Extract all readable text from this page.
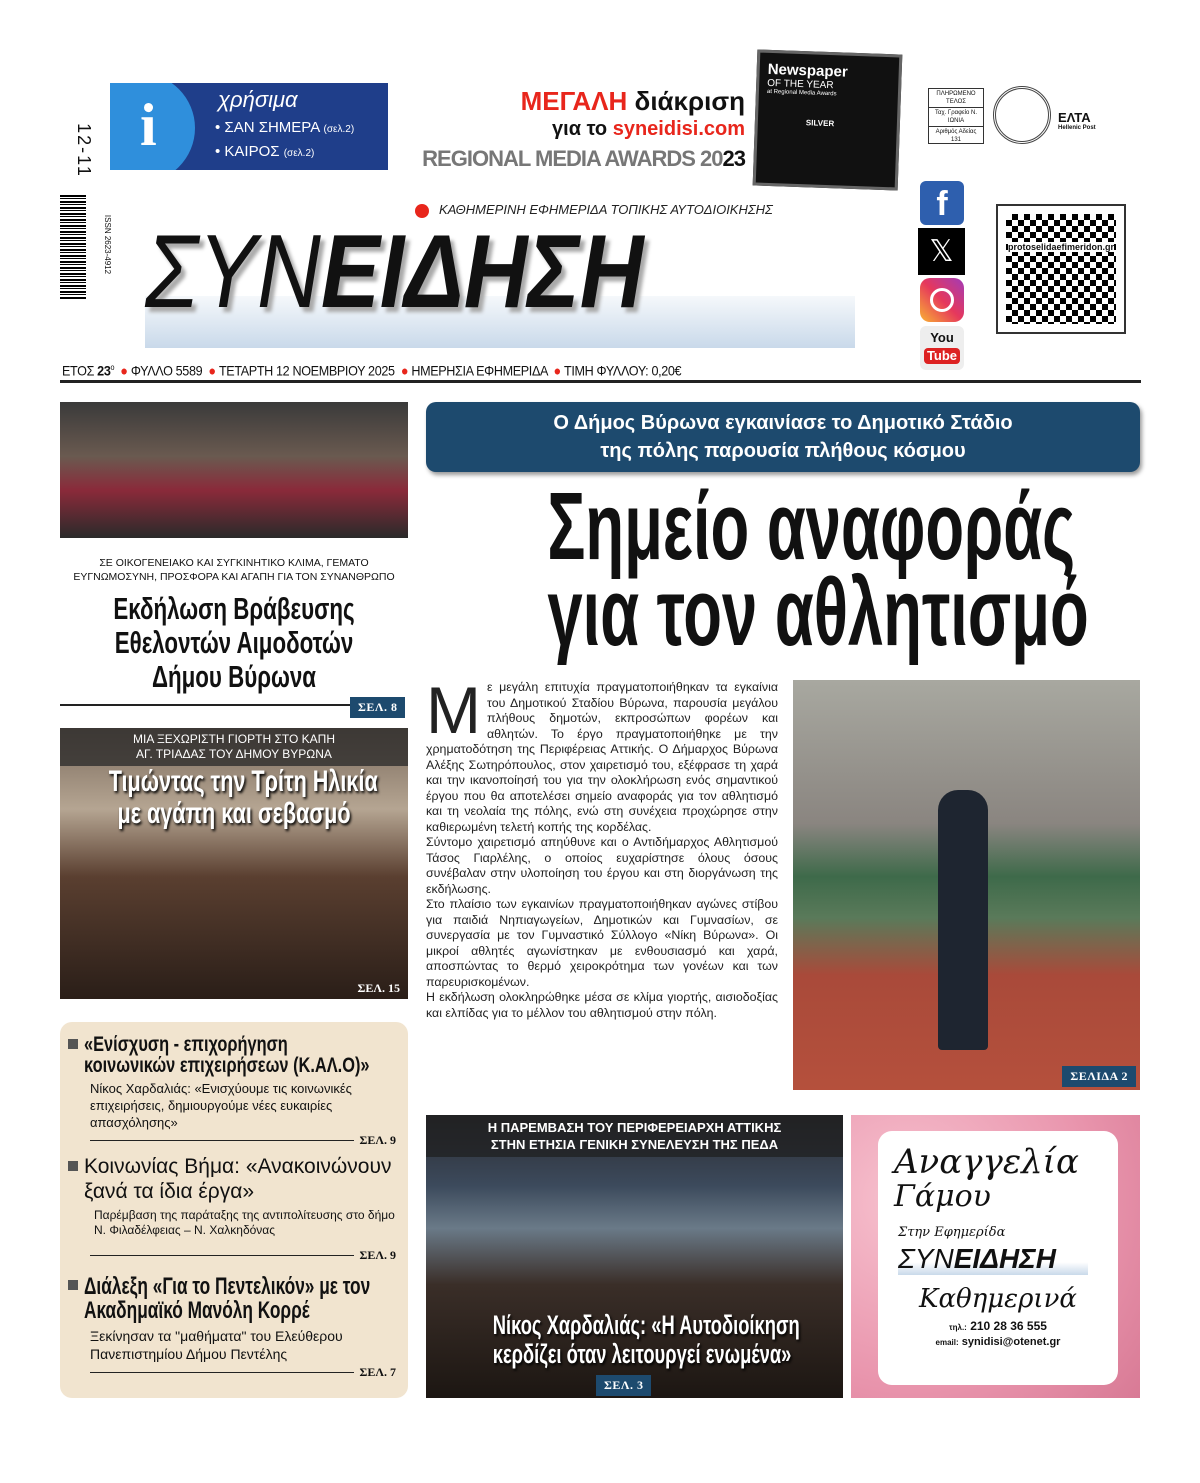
12-11
ISSN 2623-4912
i	χρήσιμα
• ΣΑΝ ΣΗΜΕΡΑ (σελ.2)
• ΚΑΙΡΟΣ (σελ.2)
ΜΕΓΑΛΗ διάκριση
για το syneidisi.com
REGIONAL MEDIA AWARDS 2023
Newspaper
OF THE YEAR
at Regional Media Awards
SILVER
ΠΛΗΡΩΜΕΝΟ ΤΕΛΟΣ
Ταχ. Γραφείο Ν. ΙΩΝΙΑ
Αριθμός Αδείας 131
ΕΛΤΑ
Hellenic Post
ΚΑΘΗΜΕΡΙΝΗ ΕΦΗΜΕΡΙΔΑ ΤΟΠΙΚΗΣ ΑΥΤΟΔΙΟΙΚΗΣΗΣ
ΣΥΝΕΙΔΗΣΗ
f
𝕏
You
Tube
protoselidaefimeridon.gr
ΕΤΟΣ $23^o$  ● ΦΥΛΛΟ 5589  ● ΤΕΤΑΡΤΗ 12 ΝΟΕΜΒΡΙΟΥ 2025  ● ΗΜΕΡΗΣΙΑ ΕΦΗΜΕΡΙΔΑ  ● ΤΙΜΗ ΦΥΛΛΟΥ: 0,20€
ΣΕ ΟΙΚΟΓΕΝΕΙΑΚΟ ΚΑΙ ΣΥΓΚΙΝΗΤΙΚΟ ΚΛΙΜΑ, ΓΕΜΑΤΟ ΕΥΓΝΩΜΟΣΥΝΗ, ΠΡΟΣΦΟΡΑ ΚΑΙ ΑΓΑΠΗ ΓΙΑ ΤΟΝ ΣΥΝΑΝΘΡΩΠΟ
Εκδήλωση Βράβευσης
Εθελοντών Αιμοδοτών
Δήμου Βύρωνα
ΣΕΛ. 8
ΜΙΑ ΞΕΧΩΡΙΣΤΗ ΓΙΟΡΤΗ ΣΤΟ ΚΑΠΗ
ΑΓ. ΤΡΙΑΔΑΣ ΤΟΥ ΔΗΜΟΥ ΒΥΡΩΝΑ
Τιμώντας την Τρίτη Ηλικία
με αγάπη και σεβασμό
ΣΕΛ. 15
«Ενίσχυση - επιχορήγηση κοινωνικών επιχειρήσεων (Κ.ΑΛ.Ο)»
Νίκος Χαρδαλιάς: «Ενισχύουμε τις κοινωνικές επιχειρήσεις, δημιουργούμε νέες ευκαιρίες απασχόλησης»
ΣΕΛ. 9
Κοινωνίας Βήμα: «Ανακοινώνουν ξανά τα ίδια έργα»
Παρέμβαση της παράταξης της αντιπολίτευσης στο δήμο Ν. Φιλαδέλφειας – Ν. Χαλκηδόνας
ΣΕΛ. 9
Διάλεξη «Για το Πεντελικόν» με τον Ακαδημαϊκό Μανόλη Κορρέ
Ξεκίνησαν τα "μαθήματα" του Ελεύθερου Πανεπιστημίου Δήμου Πεντέλης
ΣΕΛ. 7
Ο Δήμος Βύρωνα εγκαινίασε το Δημοτικό Στάδιο
της πόλης παρουσία πλήθους κόσμου
Σημείο αναφοράς
για τον αθλητισμό

Με μεγάλη επιτυχία πραγματοποιήθηκαν τα εγκαίνια του Δημοτικού Σταδίου Βύρωνα, παρουσία μεγάλου πλήθους δημοτών, εκπροσώπων φορέων και αθλητών. Το έργο πραγματοποιήθηκε με την χρηματοδότηση της Περιφέρειας Αττικής. Ο Δήμαρχος Βύρωνα Αλέξης Σωτηρόπουλος, στον χαιρετισμό του, εξέφρασε τη χαρά και την ικανοποίησή του για την ολοκλήρωση ενός σημαντικού έργου που θα αποτελέσει σημείο αναφοράς για τον αθλητισμό και τη νεολαία της πόλης, ενώ στη συνέχεια προχώρησε στην καθιερωμένη τελετή κοπής της κορδέλας.

Σύντομο χαιρετισμό απηύθυνε και ο Αντιδήμαρχος Αθλητισμού Τάσος Γιαρλέλης, ο οποίος ευχαρίστησε όλους όσους συνέβαλαν στην υλοποίηση του έργου και στη διοργάνωση της εκδήλωσης.

Στο πλαίσιο των εγκαινίων πραγματοποιήθηκαν αγώνες στίβου για παιδιά Νηπιαγωγείων, Δημοτικών και Γυμνασίων, σε συνεργασία με τον Γυμναστικό Σύλλογο «Νίκη Βύρωνα». Οι μικροί αθλητές αγωνίστηκαν με ενθουσιασμό και χαρά, αποσπώντας το θερμό χειροκρότημα των γονέων και των παρευρισκομένων.

Η εκδήλωση ολοκληρώθηκε μέσα σε κλίμα γιορτής, αισιοδοξίας και ελπίδας για το μέλλον του αθλητισμού στην πόλη.

ΣΕΛΙΔΑ 2
Η ΠΑΡΕΜΒΑΣΗ ΤΟΥ ΠΕΡΙΦΕΡΕΙΑΡΧΗ ΑΤΤΙΚΗΣ
ΣΤΗΝ ΕΤΗΣΙΑ ΓΕΝΙΚΗ ΣΥΝΕΛΕΥΣΗ ΤΗΣ ΠΕΔΑ
Νίκος Χαρδαλιάς: «Η Αυτοδιοίκηση
κερδίζει όταν λειτουργεί ενωμένα»
ΣΕΛ. 3
Αναγγελία
Γάμου
Στην Εφημερίδα
ΣΥΝΕΙΔΗΣΗ
Καθημερινά
τηλ.: 210 28 36 555
email: synidisi@otenet.gr
